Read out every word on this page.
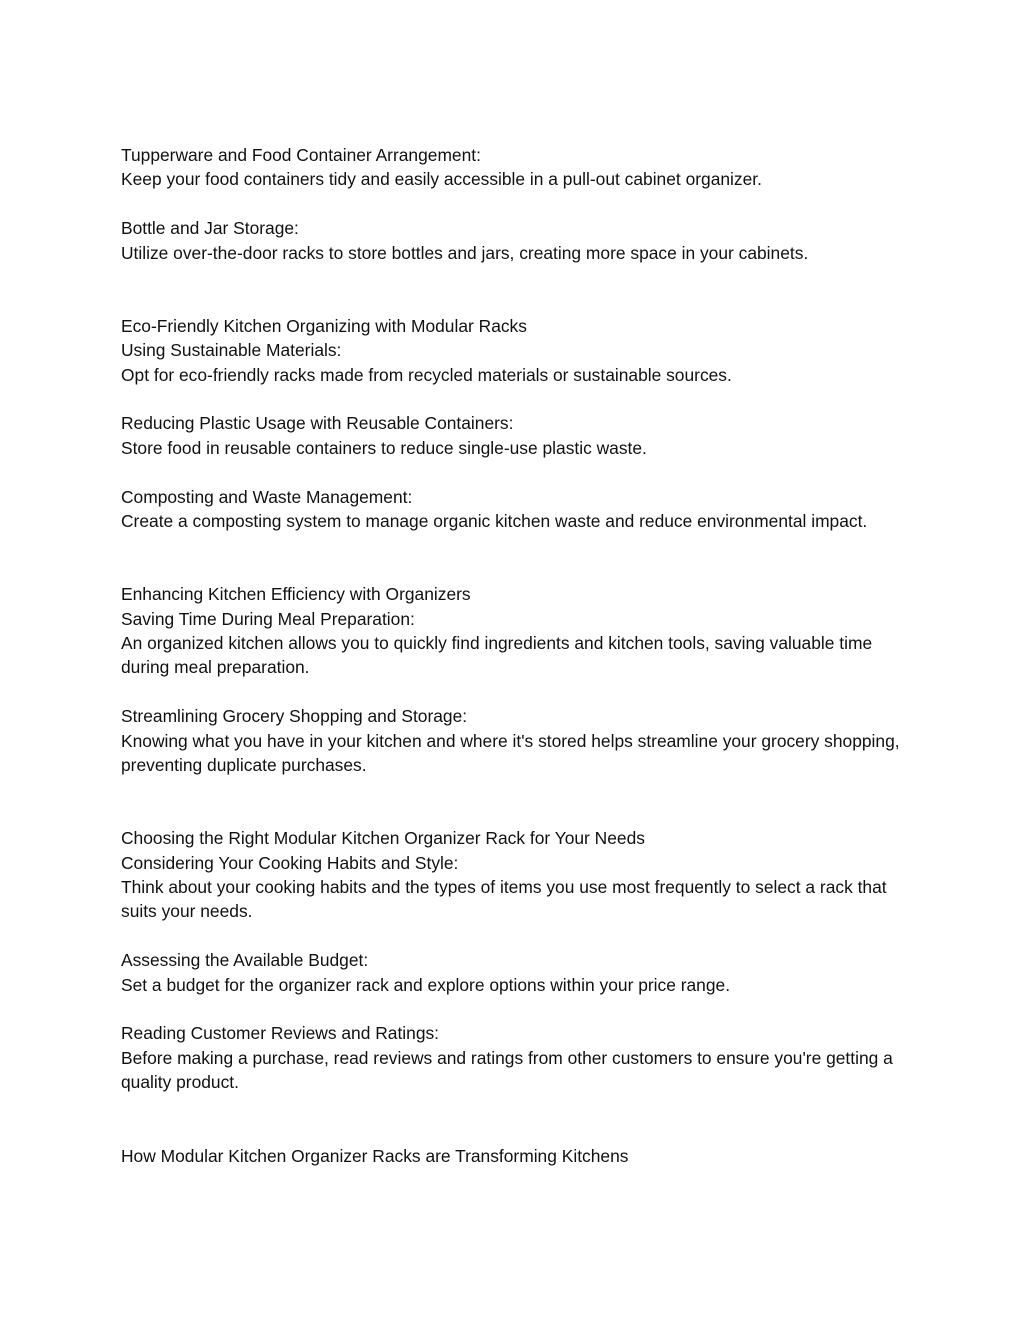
Tupperware and Food Container Arrangement:
Keep your food containers tidy and easily accessible in a pull-out cabinet organizer.
Bottle and Jar Storage:
Utilize over-the-door racks to store bottles and jars, creating more space in your cabinets.
Eco-Friendly Kitchen Organizing with Modular Racks
Using Sustainable Materials:
Opt for eco-friendly racks made from recycled materials or sustainable sources.
Reducing Plastic Usage with Reusable Containers:
Store food in reusable containers to reduce single-use plastic waste.
Composting and Waste Management:
Create a composting system to manage organic kitchen waste and reduce environmental impact.
Enhancing Kitchen Efficiency with Organizers
Saving Time During Meal Preparation:
An organized kitchen allows you to quickly find ingredients and kitchen tools, saving valuable time during meal preparation.
Streamlining Grocery Shopping and Storage:
Knowing what you have in your kitchen and where it's stored helps streamline your grocery shopping, preventing duplicate purchases.
Choosing the Right Modular Kitchen Organizer Rack for Your Needs
Considering Your Cooking Habits and Style:
Think about your cooking habits and the types of items you use most frequently to select a rack that suits your needs.
Assessing the Available Budget:
Set a budget for the organizer rack and explore options within your price range.
Reading Customer Reviews and Ratings:
Before making a purchase, read reviews and ratings from other customers to ensure you're getting a quality product.
How Modular Kitchen Organizer Racks are Transforming Kitchens
